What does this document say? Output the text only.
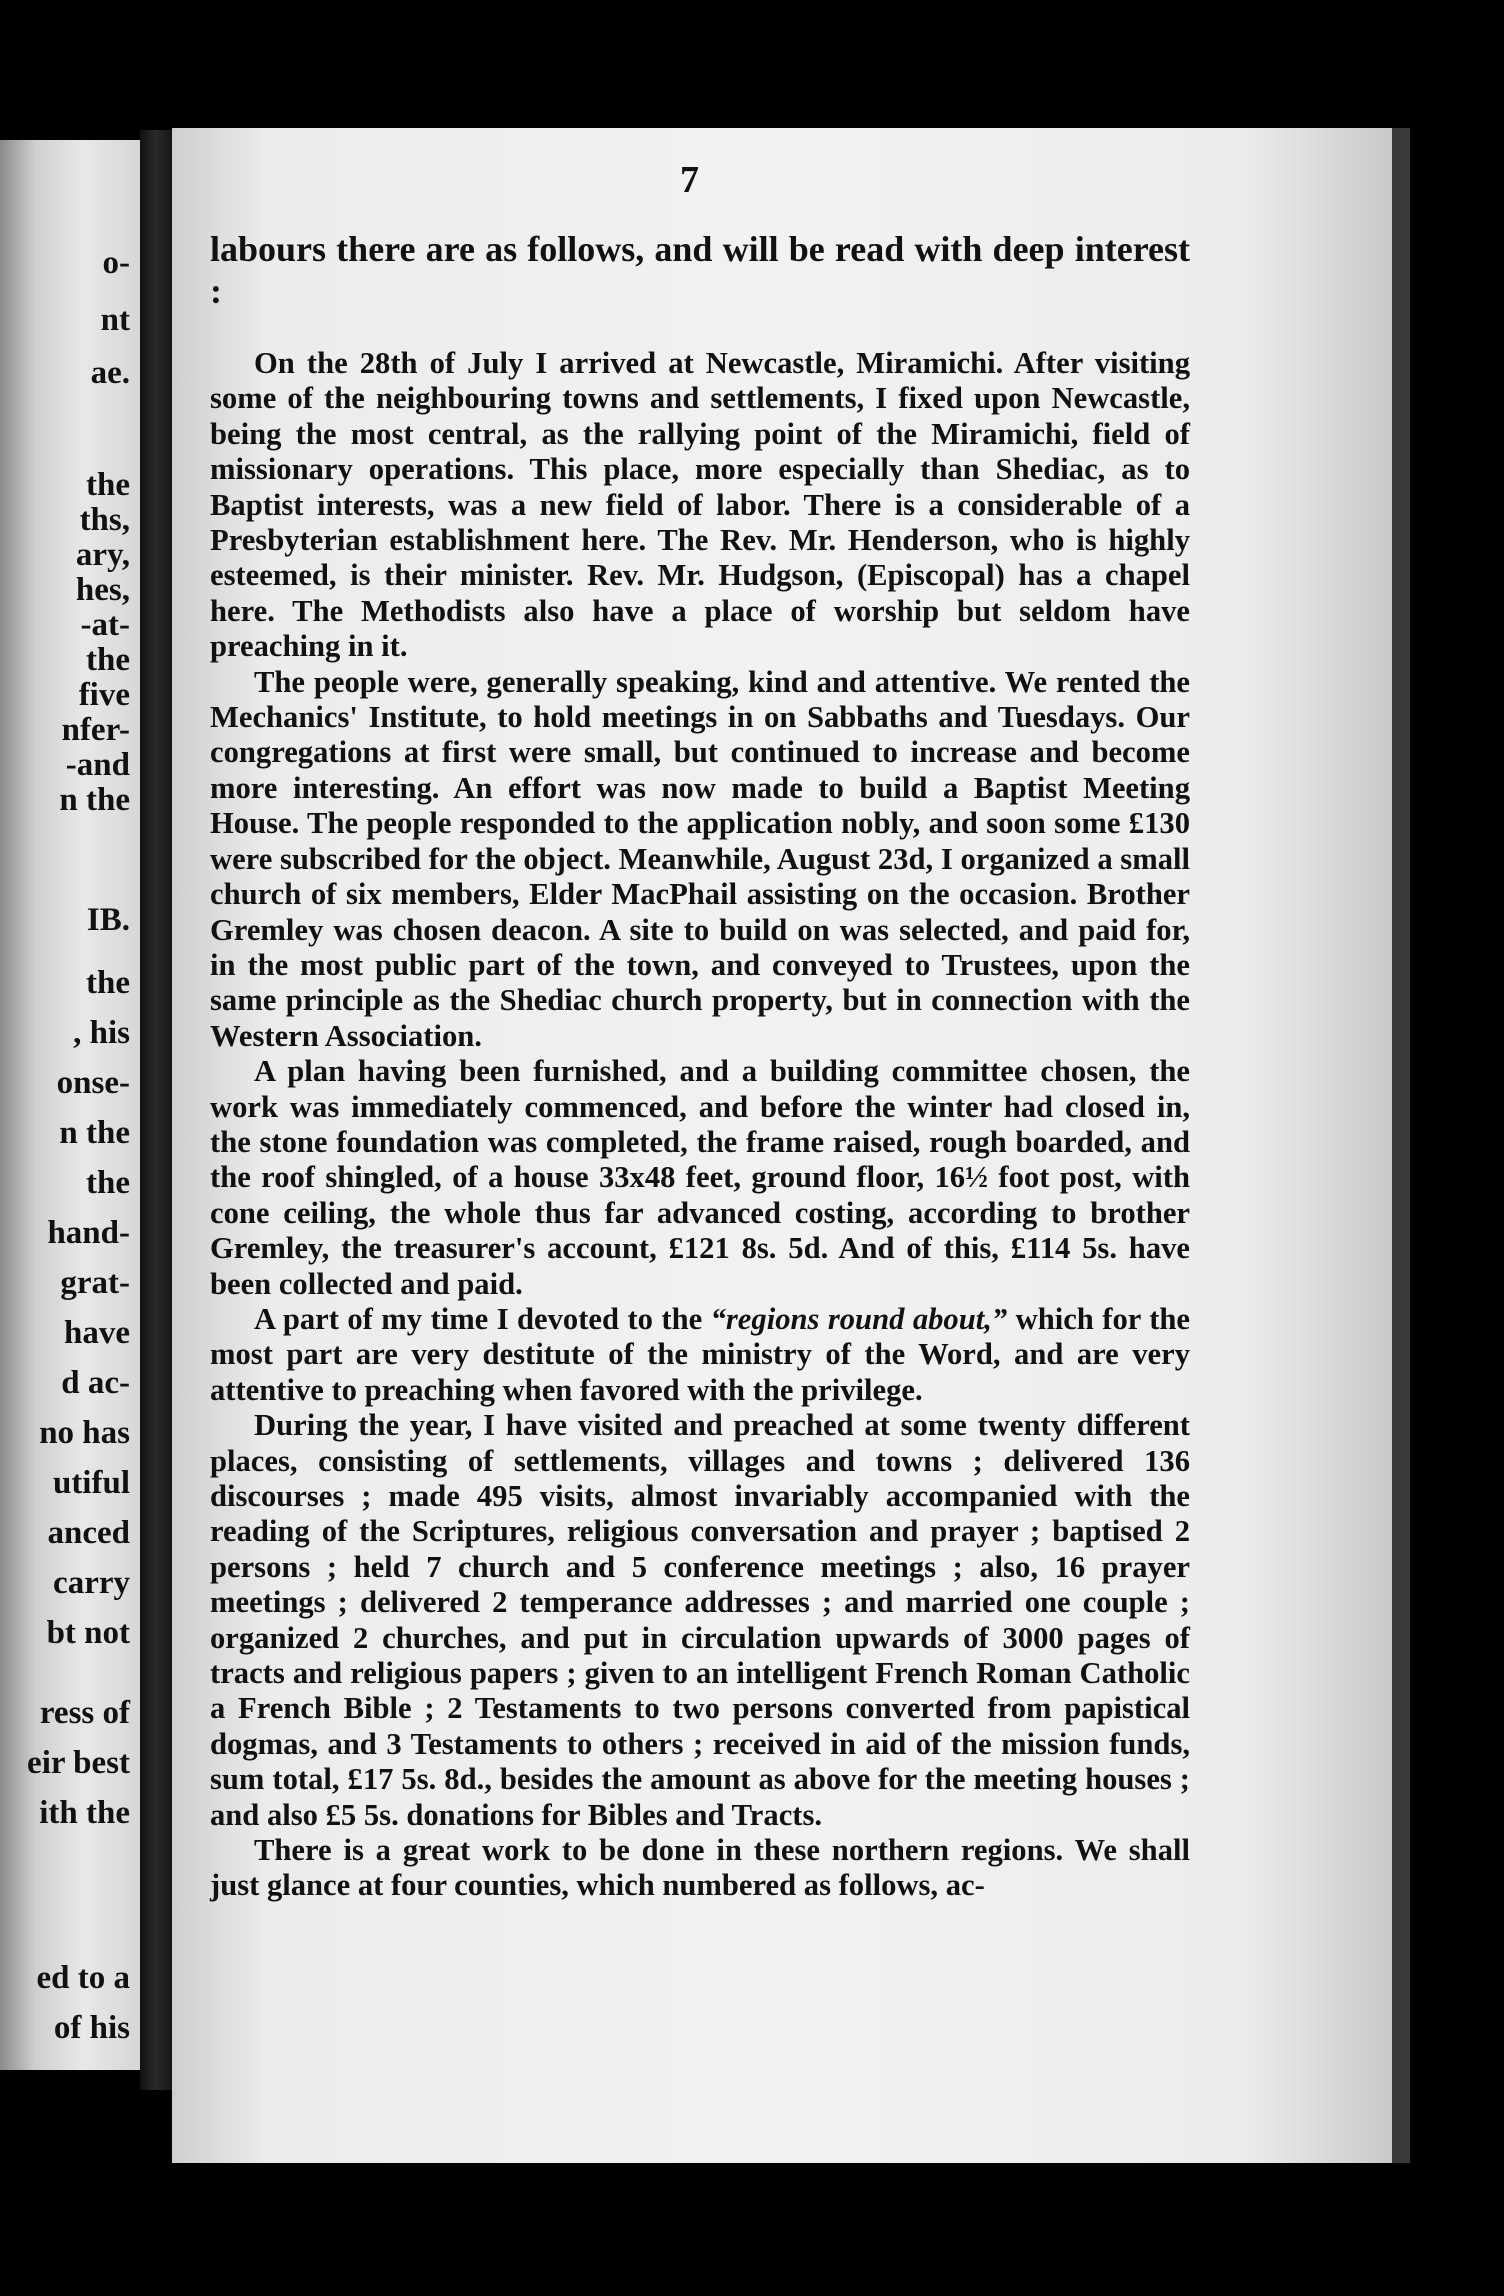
o-

nt

ae.

the

ths,

ary,

hes,

-at-

the

five

nfer-

-and

n the

IB.

the

, his

onse-

n the

the

hand-

grat-

have

d ac-

no has

utiful

anced

carry

bt not

ress of

eir best

ith the

ed to a

of his

7

labours there are as follows, and will be read with deep interest :

On the 28th of July I arrived at Newcastle, Miramichi. After visiting some of the neighbouring towns and settlements, I fixed upon Newcastle, being the most central, as the rallying point of the Miramichi, field of missionary operations. This place, more especially than Shediac, as to Baptist interests, was a new field of labor. There is a considerable of a Presbyterian establishment here. The Rev. Mr. Henderson, who is highly esteemed, is their minister. Rev. Mr. Hudgson, (Episcopal) has a chapel here. The Methodists also have a place of worship but seldom have preaching in it.

The people were, generally speaking, kind and attentive. We rented the Mechanics' Institute, to hold meetings in on Sabbaths and Tuesdays. Our congregations at first were small, but continued to increase and become more interesting. An effort was now made to build a Baptist Meeting House. The people responded to the application nobly, and soon some £130 were subscribed for the object. Meanwhile, August 23d, I organized a small church of six members, Elder MacPhail assisting on the occasion. Brother Gremley was chosen deacon. A site to build on was selected, and paid for, in the most public part of the town, and conveyed to Trustees, upon the same principle as the Shediac church property, but in connection with the Western Association.

A plan having been furnished, and a building committee chosen, the work was immediately commenced, and before the winter had closed in, the stone foundation was completed, the frame raised, rough boarded, and the roof shingled, of a house 33x48 feet, ground floor, 16½ foot post, with cone ceiling, the whole thus far advanced costing, according to brother Gremley, the treasurer's account, £121 8s. 5d. And of this, £114 5s. have been collected and paid.

A part of my time I devoted to the “regions round about,” which for the most part are very destitute of the ministry of the Word, and are very attentive to preaching when favored with the privilege.

During the year, I have visited and preached at some twenty different places, consisting of settlements, villages and towns ; delivered 136 discourses ; made 495 visits, almost invariably accompanied with the reading of the Scriptures, religious conversation and prayer ; baptised 2 persons ; held 7 church and 5 conference meetings ; also, 16 prayer meetings ; delivered 2 temperance addresses ; and married one couple ; organized 2 churches, and put in circulation upwards of 3000 pages of tracts and religious papers ; given to an intelligent French Roman Catholic a French Bible ; 2 Testaments to two persons converted from papistical dogmas, and 3 Testaments to others ; received in aid of the mission funds, sum total, £17 5s. 8d., besides the amount as above for the meeting houses ; and also £5 5s. donations for Bibles and Tracts.

There is a great work to be done in these northern regions. We shall just glance at four counties, which numbered as follows, ac-
